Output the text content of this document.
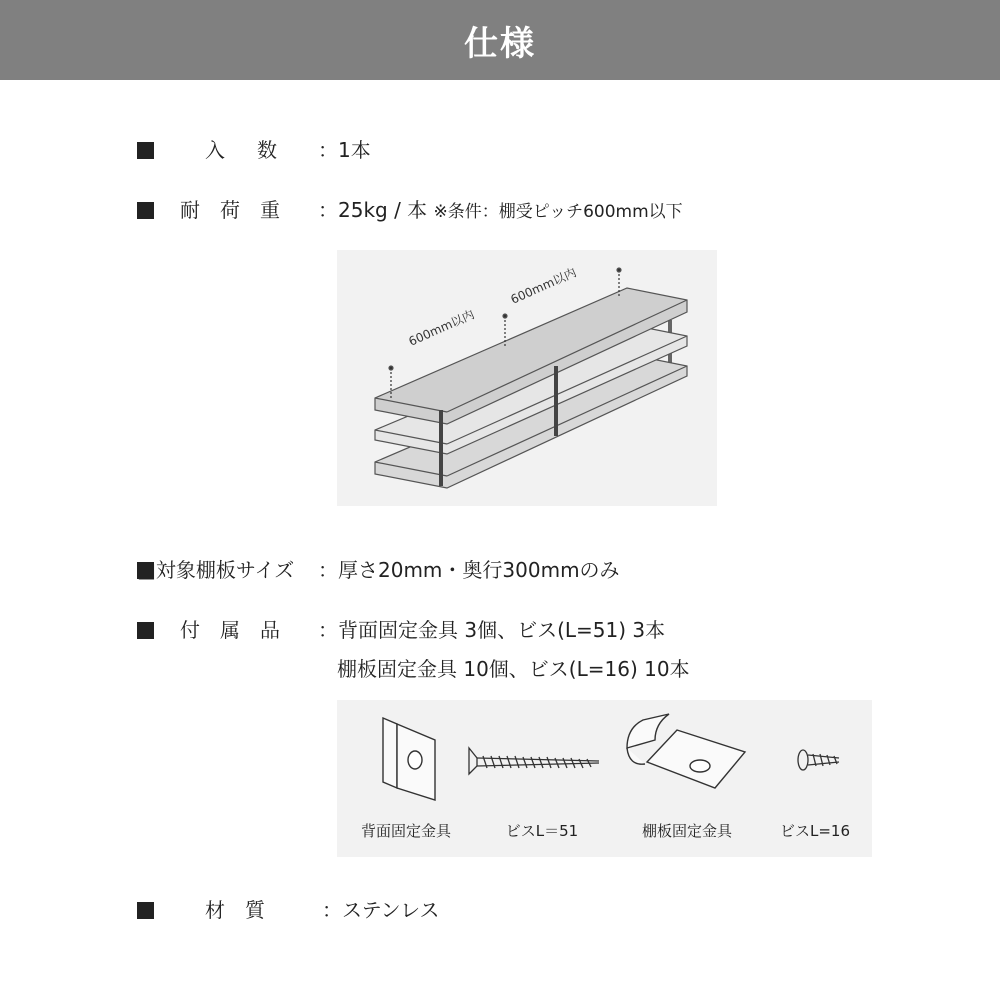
仕様
入　数 ：1本
耐　荷　重 ：25kg / 本 ※条件：棚受ピッチ600mm以下
600mm以内
600mm以内
■対象棚板サイズ ：厚さ20mm・奥行300mmのみ
付　属　品 ：背面固定金具 3個、ビス(L=51) 3本
棚板固定金具 10個、ビス(L=16) 10本
背面固定金具	ビスL＝51	棚板固定金具	ビスL=16
材　質	：ステンレス
